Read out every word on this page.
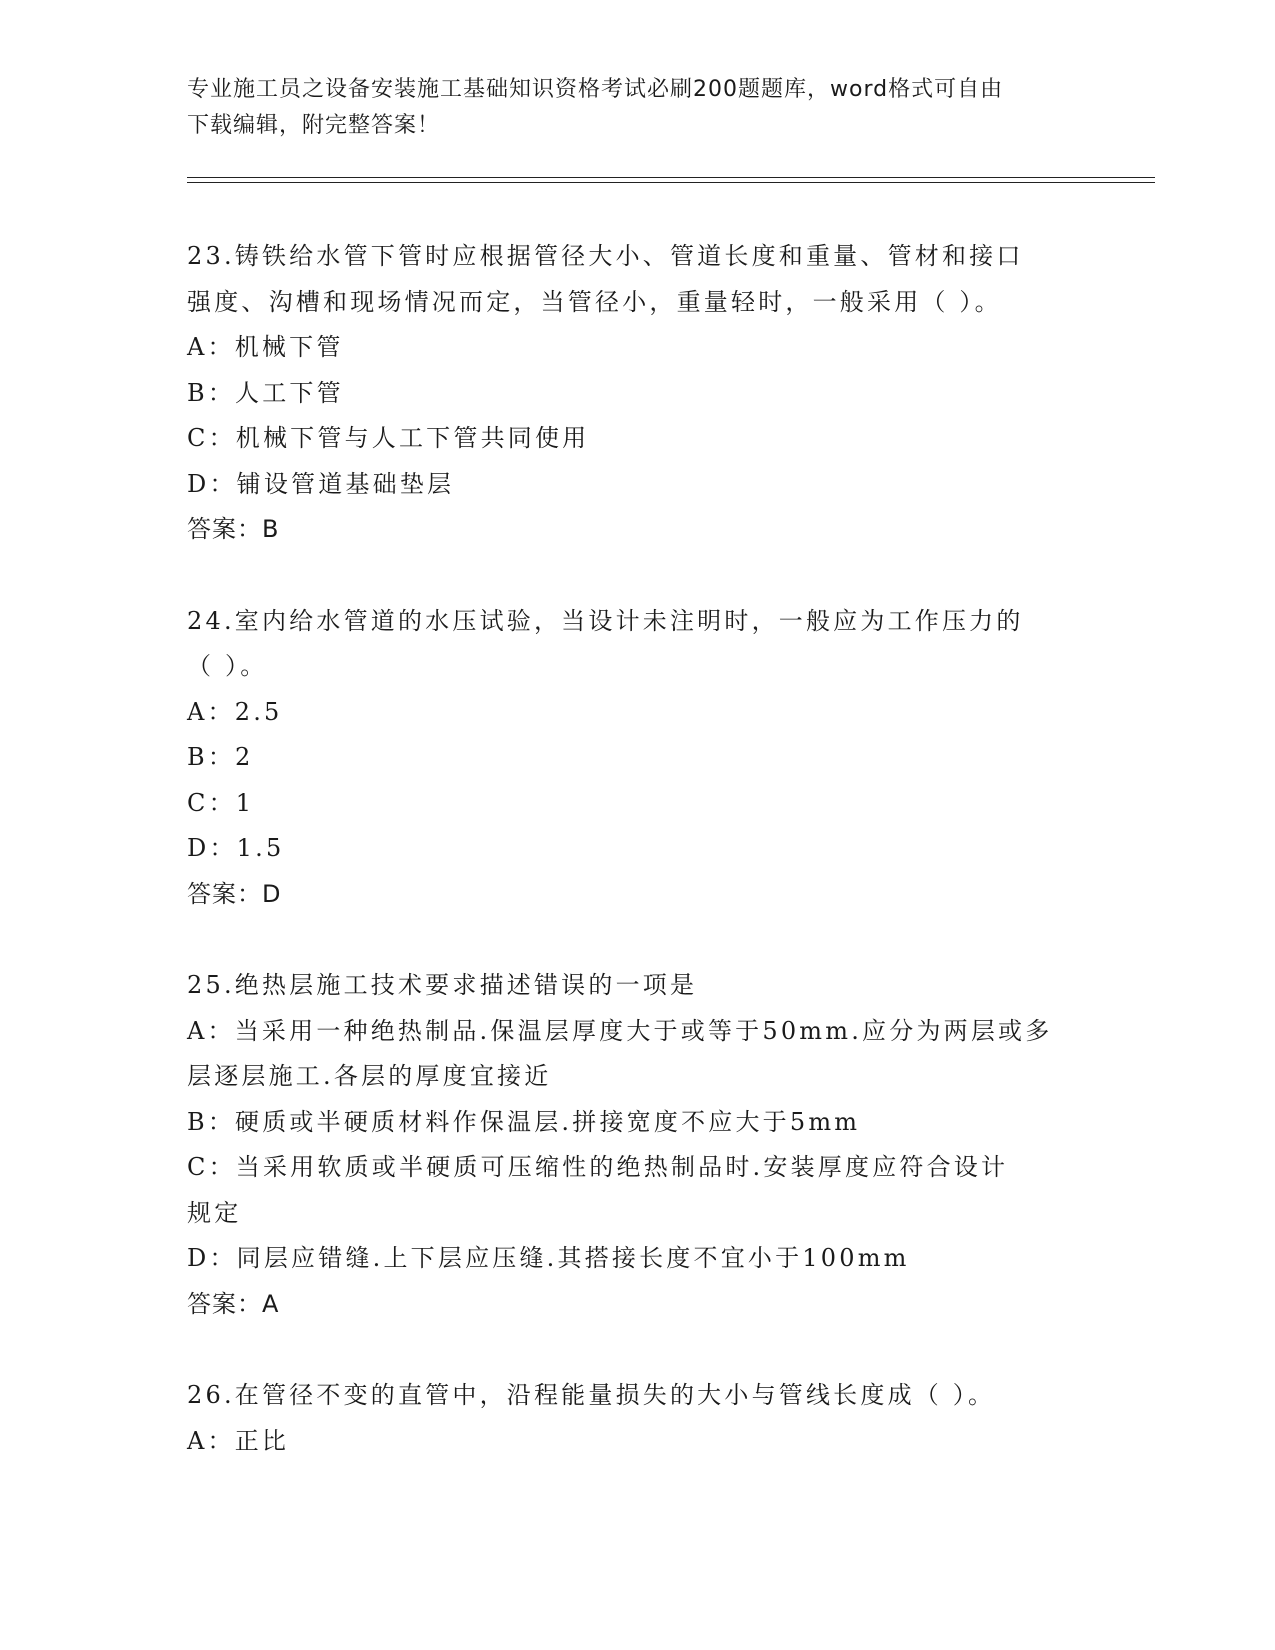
专业施工员之设备安装施工基础知识资格考试必刷200题题库，word格式可自由
下载编辑，附完整答案！
23.铸铁给水管下管时应根据管径大小、管道长度和重量、管材和接口
强度、沟槽和现场情况而定，当管径小，重量轻时，一般采用（ ）。
A：机械下管
B：人工下管
C：机械下管与人工下管共同使用
D：铺设管道基础垫层
答案：B
24.室内给水管道的水压试验，当设计未注明时，一般应为工作压力的
（ ）。
A：2.5
B：2
C：1
D：1.5
答案：D
25.绝热层施工技术要求描述错误的一项是
A：当采用一种绝热制品.保温层厚度大于或等于50mm.应分为两层或多
层逐层施工.各层的厚度宜接近
B：硬质或半硬质材料作保温层.拼接宽度不应大于5mm
C：当采用软质或半硬质可压缩性的绝热制品时.安装厚度应符合设计
规定
D：同层应错缝.上下层应压缝.其搭接长度不宜小于100mm
答案：A
26.在管径不变的直管中，沿程能量损失的大小与管线长度成（ ）。
A：正比
